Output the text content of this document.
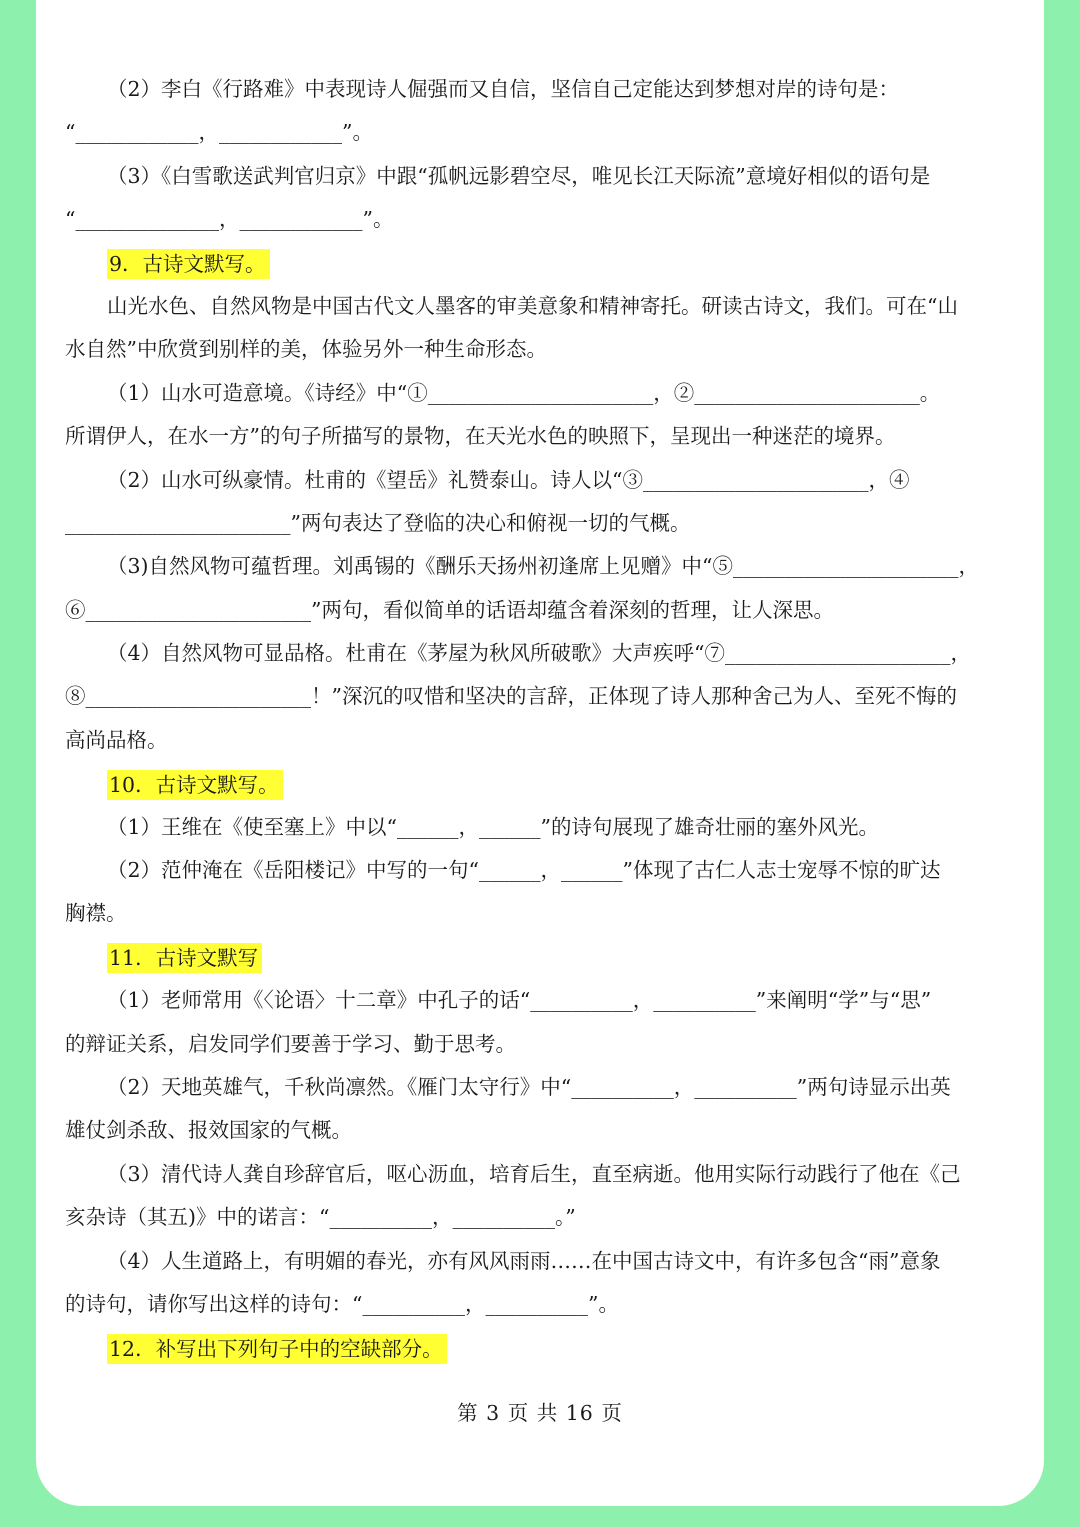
（2）李白《行路难》中表现诗人倔强而又自信，坚信自己定能达到梦想对岸的诗句是：
“____________，____________”。
（3）《白雪歌送武判官归京》中跟“孤帆远影碧空尽，唯见长江天际流”意境好相似的语句是
“______________，____________”。
9．古诗文默写。
山光水色、自然风物是中国古代文人墨客的审美意象和精神寄托。研读古诗文，我们。可在“山
水自然”中欣赏到别样的美，体验另外一种生命形态。
（1）山水可造意境。《诗经》中“①______________________，②______________________。
所谓伊人，在水一方”的句子所描写的景物，在天光水色的映照下，呈现出一种迷茫的境界。
（2）山水可纵豪情。杜甫的《望岳》礼赞泰山。诗人以“③______________________，④
______________________”两句表达了登临的决心和俯视一切的气概。
（3)自然风物可蕴哲理。刘禹锡的《酬乐天扬州初逢席上见赠》中“⑤______________________，
⑥______________________”两句，看似简单的话语却蕴含着深刻的哲理，让人深思。
（4）自然风物可显品格。杜甫在《茅屋为秋风所破歌》大声疾呼“⑦______________________，
⑧______________________！”深沉的叹惜和坚决的言辞，正体现了诗人那种舍己为人、至死不悔的
高尚品格。
10．古诗文默写。
（1）王维在《使至塞上》中以“______，______”的诗句展现了雄奇壮丽的塞外风光。
（2）范仲淹在《岳阳楼记》中写的一句“______，______”体现了古仁人志士宠辱不惊的旷达
胸襟。
11．古诗文默写
（1）老师常用《〈论语〉十二章》中孔子的话“__________，__________”来阐明“学”与“思”
的辩证关系，启发同学们要善于学习、勤于思考。
（2）天地英雄气，千秋尚凛然。《雁门太守行》中“__________，__________”两句诗显示出英
雄仗剑杀敌、报效国家的气概。
（3）清代诗人龚自珍辞官后，呕心沥血，培育后生，直至病逝。他用实际行动践行了他在《己
亥杂诗（其五)》中的诺言：“__________，__________。”
（4）人生道路上，有明媚的春光，亦有风风雨雨……在中国古诗文中，有许多包含“雨”意象
的诗句，请你写出这样的诗句：“__________，__________”。
12．补写出下列句子中的空缺部分。
第 3 页 共 16 页
